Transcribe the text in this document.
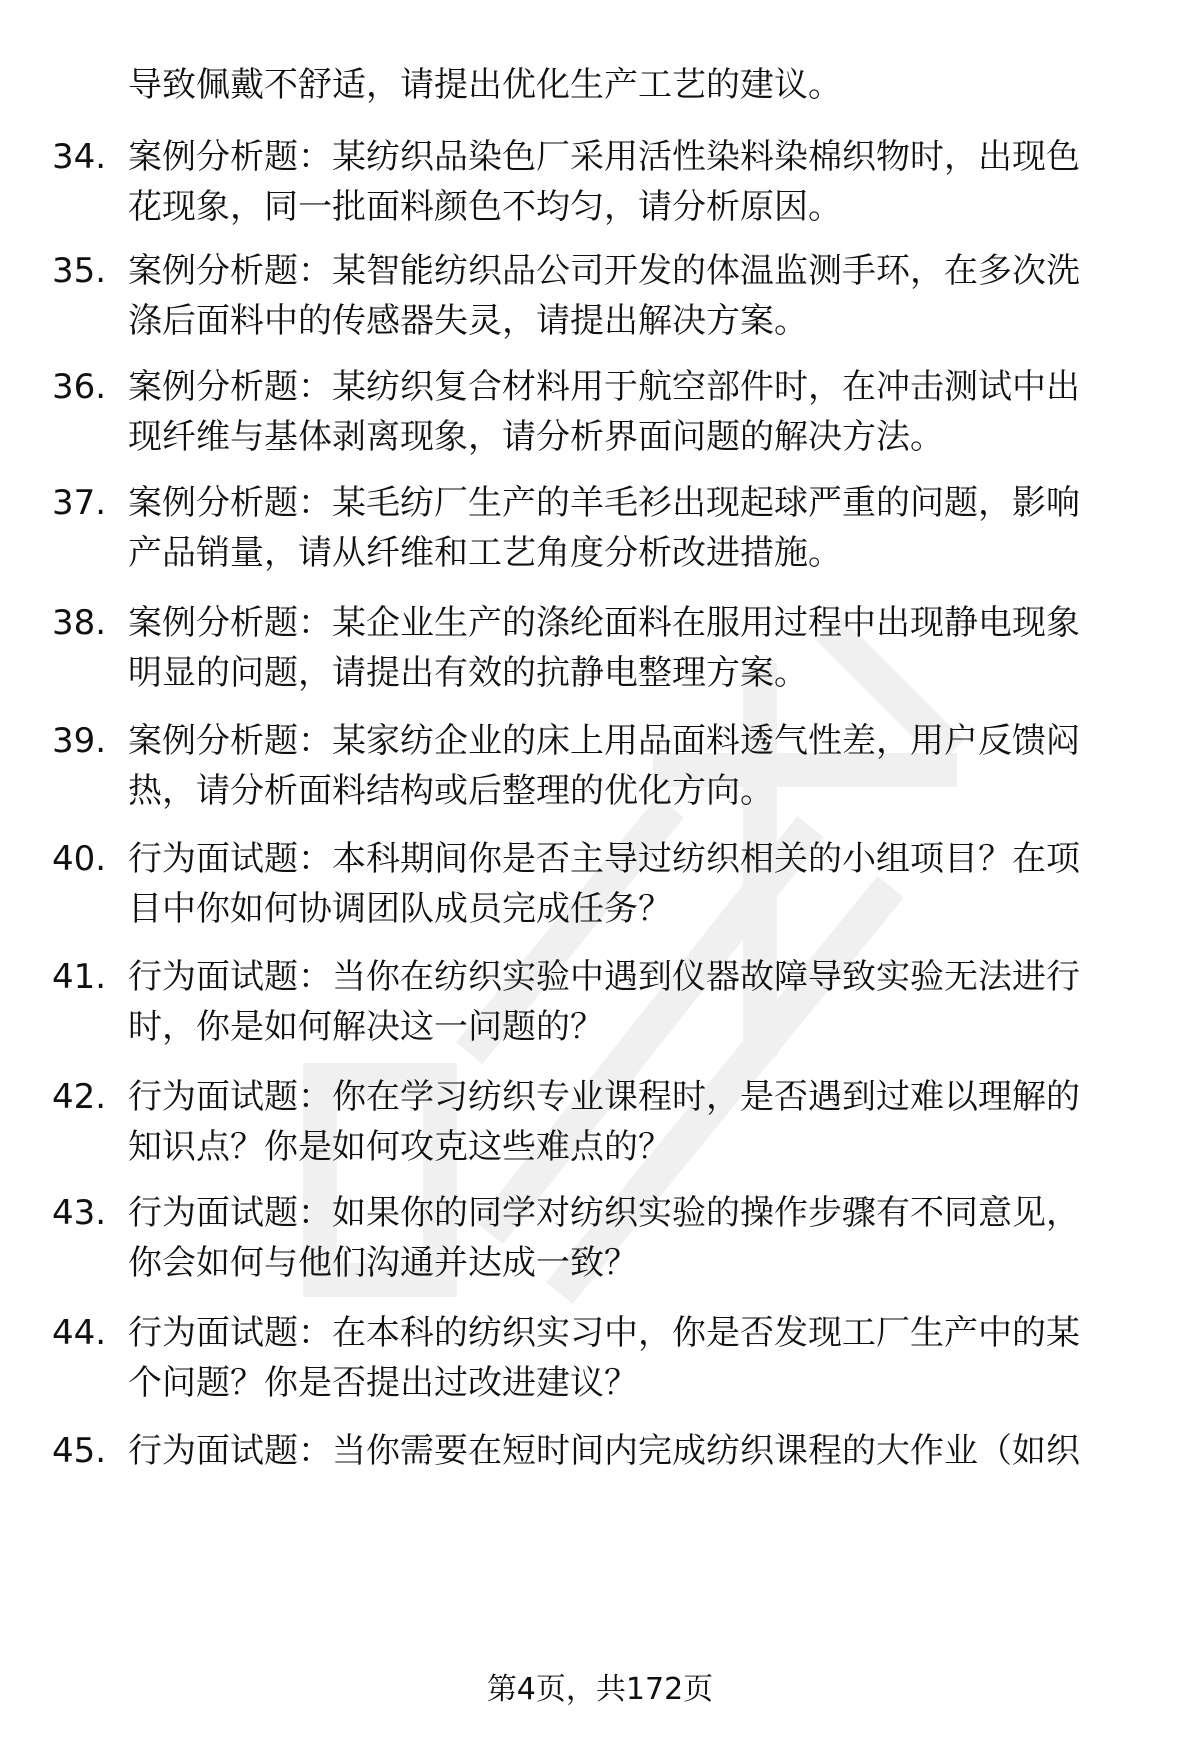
导致佩戴不舒适，请提出优化生产工艺的建议。
34. 案例分析题：某纺织品染色厂采用活性染料染棉织物时，出现色
花现象，同一批面料颜色不均匀，请分析原因。
35. 案例分析题：某智能纺织品公司开发的体温监测手环，在多次洗
涤后面料中的传感器失灵，请提出解决方案。
36. 案例分析题：某纺织复合材料用于航空部件时，在冲击测试中出
现纤维与基体剥离现象，请分析界面问题的解决方法。
37. 案例分析题：某毛纺厂生产的羊毛衫出现起球严重的问题，影响
产品销量，请从纤维和工艺角度分析改进措施。
38. 案例分析题：某企业生产的涤纶面料在服用过程中出现静电现象
明显的问题，请提出有效的抗静电整理方案。
39. 案例分析题：某家纺企业的床上用品面料透气性差，用户反馈闷
热，请分析面料结构或后整理的优化方向。
40. 行为面试题：本科期间你是否主导过纺织相关的小组项目？在项
目中你如何协调团队成员完成任务？
41. 行为面试题：当你在纺织实验中遇到仪器故障导致实验无法进行
时，你是如何解决这一问题的？
42. 行为面试题：你在学习纺织专业课程时，是否遇到过难以理解的
知识点？你是如何攻克这些难点的？
43. 行为面试题：如果你的同学对纺织实验的操作步骤有不同意见，
你会如何与他们沟通并达成一致？
44. 行为面试题：在本科的纺织实习中，你是否发现工厂生产中的某
个问题？你是否提出过改进建议？
45. 行为面试题：当你需要在短时间内完成纺织课程的大作业（如织
第4页，共172页
